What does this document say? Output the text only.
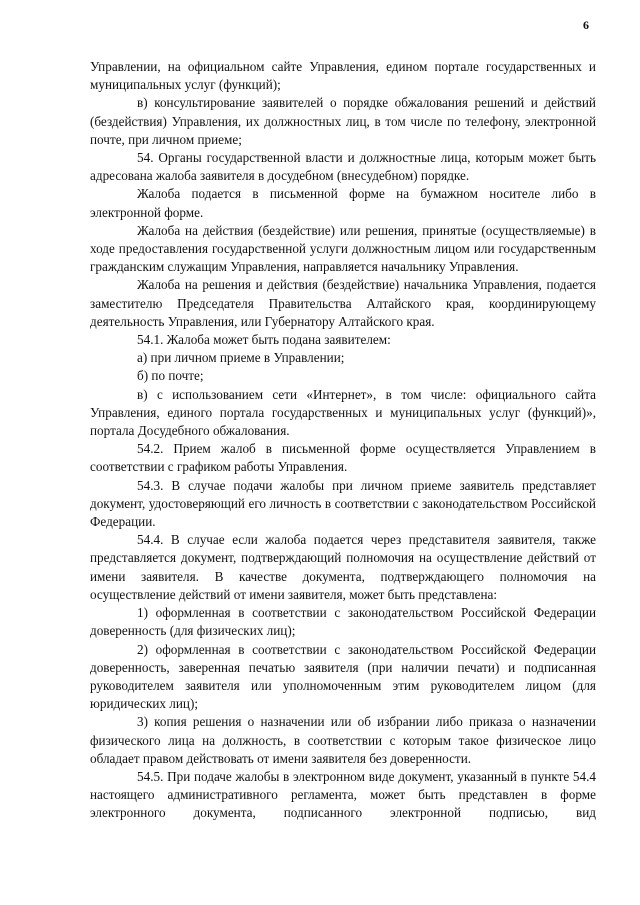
6

Управлении, на официальном сайте Управления, едином портале государственных и муниципальных услуг (функций);

в) консультирование заявителей о порядке обжалования решений и действий (бездействия) Управления, их должностных лиц, в том числе по телефону, электронной почте, при личном приеме;

54. Органы государственной власти и должностные лица, которым может быть адресована жалоба заявителя в досудебном (внесудебном) порядке.

Жалоба подается в письменной форме на бумажном носителе либо в электронной форме.

Жалоба на действия (бездействие) или решения, принятые (осуществляемые) в ходе предоставления государственной услуги должностным лицом или государственным гражданским служащим Управления, направляется начальнику Управления.

Жалоба на решения и действия (бездействие) начальника Управления, подается заместителю Председателя Правительства Алтайского края, координирующему деятельность Управления, или Губернатору Алтайского края.

54.1. Жалоба может быть подана заявителем:

а) при личном приеме в Управлении;

б) по почте;

в) с использованием сети «Интернет», в том числе: официального сайта Управления, единого портала государственных и муниципальных услуг (функций)», портала Досудебного обжалования.

54.2. Прием жалоб в письменной форме осуществляется Управлением в соответствии с графиком работы Управления.

54.3. В случае подачи жалобы при личном приеме заявитель представляет документ, удостоверяющий его личность в соответствии с законодательством Российской Федерации.

54.4. В случае если жалоба подается через представителя заявителя, также представляется документ, подтверждающий полномочия на осуществление действий от имени заявителя. В качестве документа, подтверждающего полномочия на осуществление действий от имени заявителя, может быть представлена:

1) оформленная в соответствии с законодательством Российской Федерации доверенность (для физических лиц);

2) оформленная в соответствии с законодательством Российской Федерации доверенность, заверенная печатью заявителя (при наличии печати) и подписанная руководителем заявителя или уполномоченным этим руководителем лицом (для юридических лиц);

3) копия решения о назначении или об избрании либо приказа о назначении физического лица на должность, в соответствии с которым такое физическое лицо обладает правом действовать от имени заявителя без доверенности.

54.5. При подаче жалобы в электронном виде документ, указанный в пункте 54.4 настоящего административного регламента, может быть представлен в форме электронного документа, подписанного электронной подписью, вид
